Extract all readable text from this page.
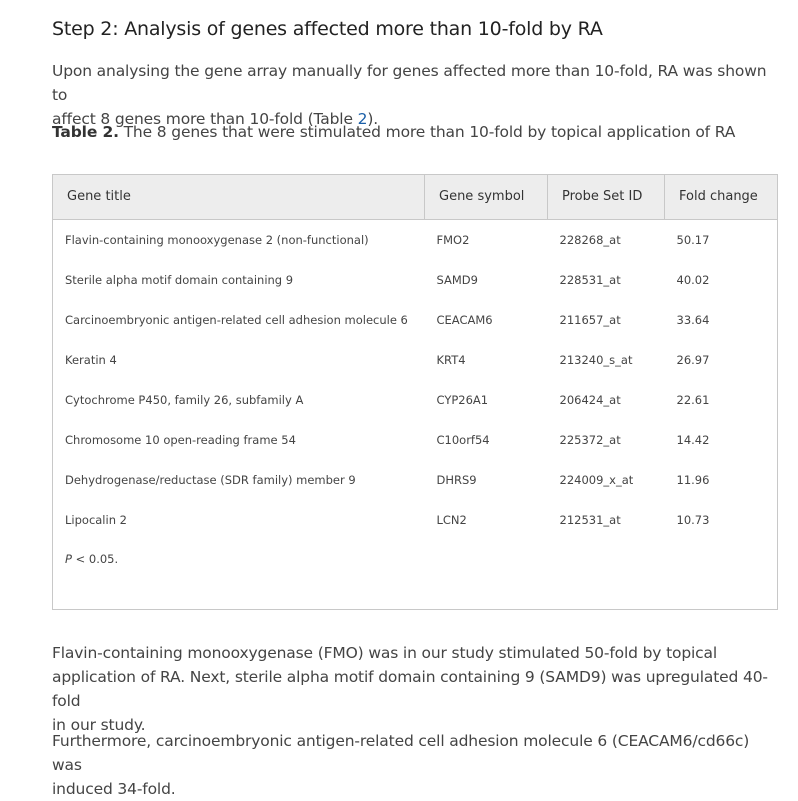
Step 2: Analysis of genes affected more than 10-fold by RA

Upon analysing the gene array manually for genes affected more than 10-fold, RA was shown to
affect 8 genes more than 10-fold (Table 2).

Table 2. The 8 genes that were stimulated more than 10-fold by topical application of RA

Gene title	Gene symbol	Probe Set ID	Fold change
Flavin-containing monooxygenase 2 (non-functional)	FMO2	228268_at	50.17
Sterile alpha motif domain containing 9	SAMD9	228531_at	40.02
Carcinoembryonic antigen-related cell adhesion molecule 6	CEACAM6	211657_at	33.64
Keratin 4	KRT4	213240_s_at	26.97
Cytochrome P450, family 26, subfamily A	CYP26A1	206424_at	22.61
Chromosome 10 open-reading frame 54	C10orf54	225372_at	14.42
Dehydrogenase/reductase (SDR family) member 9	DHRS9	224009_x_at	11.96
Lipocalin 2	LCN2	212531_at	10.73
P < 0.05.

Flavin-containing monooxygenase (FMO) was in our study stimulated 50-fold by topical
application of RA. Next, sterile alpha motif domain containing 9 (SAMD9) was upregulated 40-fold
in our study.

Furthermore, carcinoembryonic antigen-related cell adhesion molecule 6 (CEACAM6/cd66c) was
induced 34-fold.
